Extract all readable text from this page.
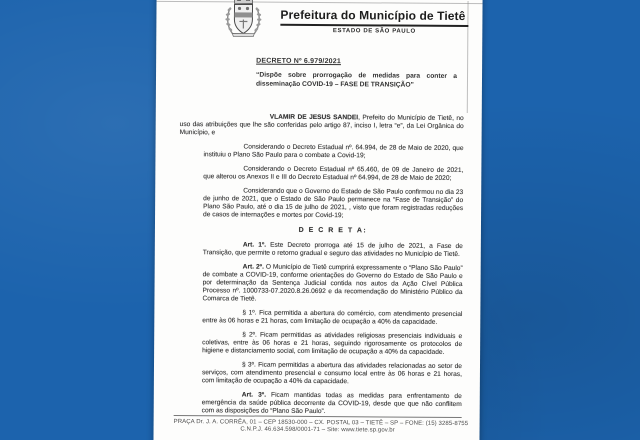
Prefeitura do Município de Tietê
ESTADO DE SÃO PAULO
DECRETO Nº 6.979/2021
“Dispõe sobre prorrogação de medidas para conter a disseminação COVID-19 – FASE DE TRANSIÇÃO”

VLAMIR DE JESUS SANDEI, Prefeito do Município de Tietê, no uso das atribuições que lhe são conferidas pelo artigo 87, inciso I, letra “e”, da Lei Orgânica do Município, e

Considerando o Decreto Estadual nº. 64.994, de 28 de Maio de 2020, que instituiu o Plano São Paulo para o combate a Covid-19;

Considerando o Decreto Estadual nº 65.460, de 09 de Janeiro de 2021, que alterou os Anexos II e III do Decreto Estadual nº 64.994, de 28 de Maio de 2020;

Considerando que o Governo do Estado de São Paulo confirmou no dia 23 de junho de 2021, que o Estado de São Paulo permanece na “Fase de Transição” do Plano São Paulo, até o dia 15 de julho de 2021, , visto que foram registradas reduções de casos de internações e mortes por Covid-19;

D E C R E T A:

Art. 1º. Este Decreto prorroga até 15 de julho de 2021, a Fase de Transição, que permite o retorno gradual e seguro das atividades no Município de Tietê.

Art. 2º. O Município de Tietê cumprirá expressamente o “Plano São Paulo” de combate a COVID-19, conforme orientações do Governo do Estado de São Paulo e por determinação da Sentença Judicial contida nos autos da Ação Cível Pública Processo nº. 1000733-07.2020.8.26.0692 e da recomendação do Ministério Público da Comarca de Tietê.

§ 1º. Fica permitida a abertura do comércio, com atendimento presencial entre às 06 horas e 21 horas, com limitação de ocupação a 40% da capacidade.

§ 2º. Ficam permitidas as atividades religiosas presenciais individuais e coletivas, entre às 06 horas e 21 horas, seguindo rigorosamente os protocolos de higiene e distanciamento social, com limitação de ocupação a 40% da capacidade.

§ 3º. Ficam permitidas a abertura das atividades relacionadas ao setor de serviços, com atendimento presencial e consumo local entre às 06 horas e 21 horas, com limitação de ocupação a 40% da capacidade.

Art. 3º. Ficam mantidas todas as medidas para enfrentamento de emergência da saúde pública decorrente da COVID-19, desde que que não conflitem com as disposições do “Plano São Paulo”.

PRAÇA Dr. J. A. CORRÊA, 01 – CEP 18530-000 – CX. POSTAL 03 – TIETÊ – SP – FONE: (15) 3285-8755
C.N.P.J. 46.634.598/0001-71 – Site: www.tiete.sp.gov.br
